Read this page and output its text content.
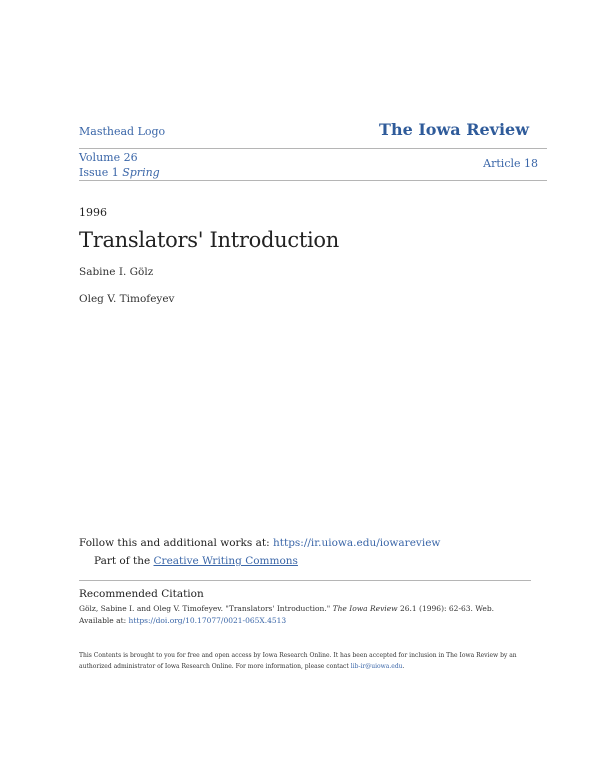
Masthead Logo	The Iowa Review
Volume 26
Issue 1 Spring
Article 18
1996
Translators' Introduction
Sabine I. Gölz
Oleg V. Timofeyev
Follow this and additional works at: https://ir.uiowa.edu/iowareview
Part of the Creative Writing Commons
Recommended Citation
Gölz, Sabine I. and Oleg V. Timofeyev. "Translators' Introduction." The Iowa Review 26.1 (1996): 62-63. Web.
Available at: https://doi.org/10.17077/0021-065X.4513
This Contents is brought to you for free and open access by Iowa Research Online. It has been accepted for inclusion in The Iowa Review by an authorized administrator of Iowa Research Online. For more information, please contact lib-ir@uiowa.edu.
